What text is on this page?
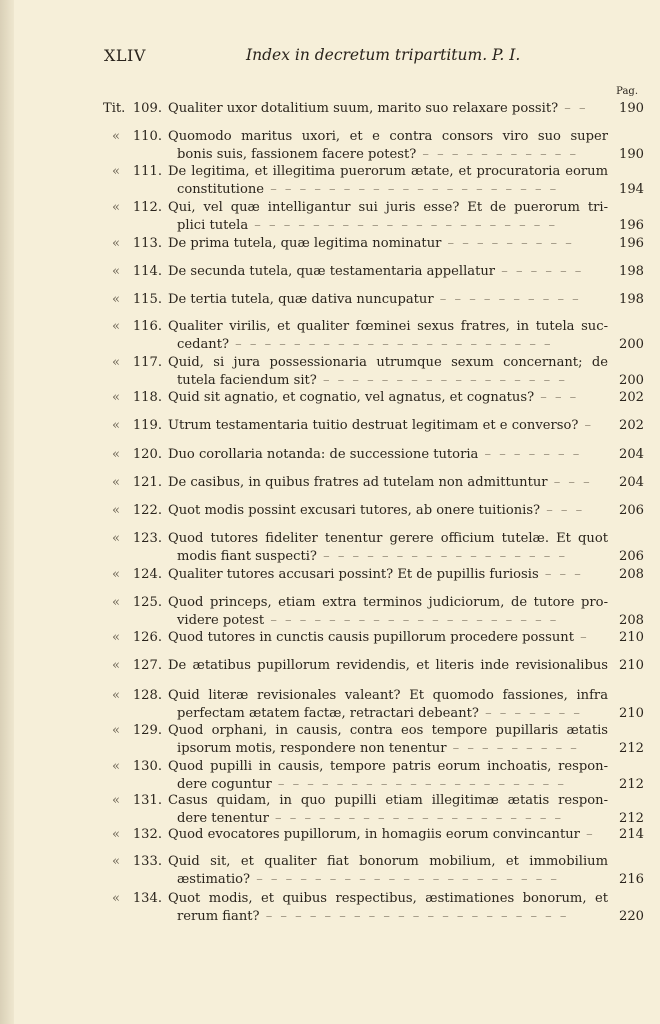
XLIV	Index in decretum tripartitum. P. I.
Pag.
Tit. 109. Qualiter uxor dotalitium suum, marito suo relaxare possit? – –	190
« 110. Quomodo maritus uxori, et e contra consors viro suo super
bonis suis, fassionem facere potest? – – – – – – – – – – –	190
« 111. De legitima, et illegitima puerorum ætate, et procuratoria eorum
constitutione – – – – – – – – – – – – – – – – – – – –	194
« 112. Qui, vel quæ intelligantur sui juris esse? Et de puerorum tri-
plici tutela – – – – – – – – – – – – – – – – – – – – –	196
« 113. De prima tutela, quæ legitima nominatur – – – – – – – – –	196
« 114. De secunda tutela, quæ testamentaria appellatur – – – – – –	198
« 115. De tertia tutela, quæ dativa nuncupatur – – – – – – – – – –	198
« 116. Qualiter virilis, et qualiter fœminei sexus fratres, in tutela suc-
cedant? – – – – – – – – – – – – – – – – – – – – – –	200
« 117. Quid, si jura possessionaria utrumque sexum concernant; de
tutela faciendum sit? – – – – – – – – – – – – – – – – –	200
« 118. Quid sit agnatio, et cognatio, vel agnatus, et cognatus? – – –	202
« 119. Utrum testamentaria tuitio destruat legitimam et e converso? –	202
« 120. Duo corollaria notanda: de successione tutoria – – – – – – –	204
« 121. De casibus, in quibus fratres ad tutelam non admittuntur – – –	204
« 122. Quot modis possint excusari tutores, ab onere tuitionis? – – –	206
« 123. Quod tutores fideliter tenentur gerere officium tutelæ. Et quot
modis fiant suspecti? – – – – – – – – – – – – – – – – –	206
« 124. Qualiter tutores accusari possint? Et de pupillis furiosis – – –	208
« 125. Quod princeps, etiam extra terminos judiciorum, de tutore pro-
videre potest – – – – – – – – – – – – – – – – – – – –	208
« 126. Quod tutores in cunctis causis pupillorum procedere possunt –	210
« 127. De ætatibus pupillorum revidendis, et literis inde revisionalibus 210
« 128. Quid literæ revisionales valeant? Et quomodo fassiones, infra
perfectam ætatem factæ, retractari debeant? – – – – – – –	210
« 129. Quod orphani, in causis, contra eos tempore pupillaris ætatis
ipsorum motis, respondere non tenentur – – – – – – – – –	212
« 130. Quod pupilli in causis, tempore patris eorum inchoatis, respon-
dere coguntur – – – – – – – – – – – – – – – – – – – –	212
« 131. Casus quidam, in quo pupilli etiam illegitimæ ætatis respon-
dere tenentur – – – – – – – – – – – – – – – – – – – –	212
« 132. Quod evocatores pupillorum, in homagiis eorum convincantur –	214
« 133. Quid sit, et qualiter fiat bonorum mobilium, et immobilium
æstimatio? – – – – – – – – – – – – – – – – – – – – –	216
« 134. Quot modis, et quibus respectibus, æstimationes bonorum, et
rerum fiant? – – – – – – – – – – – – – – – – – – – – –	220
